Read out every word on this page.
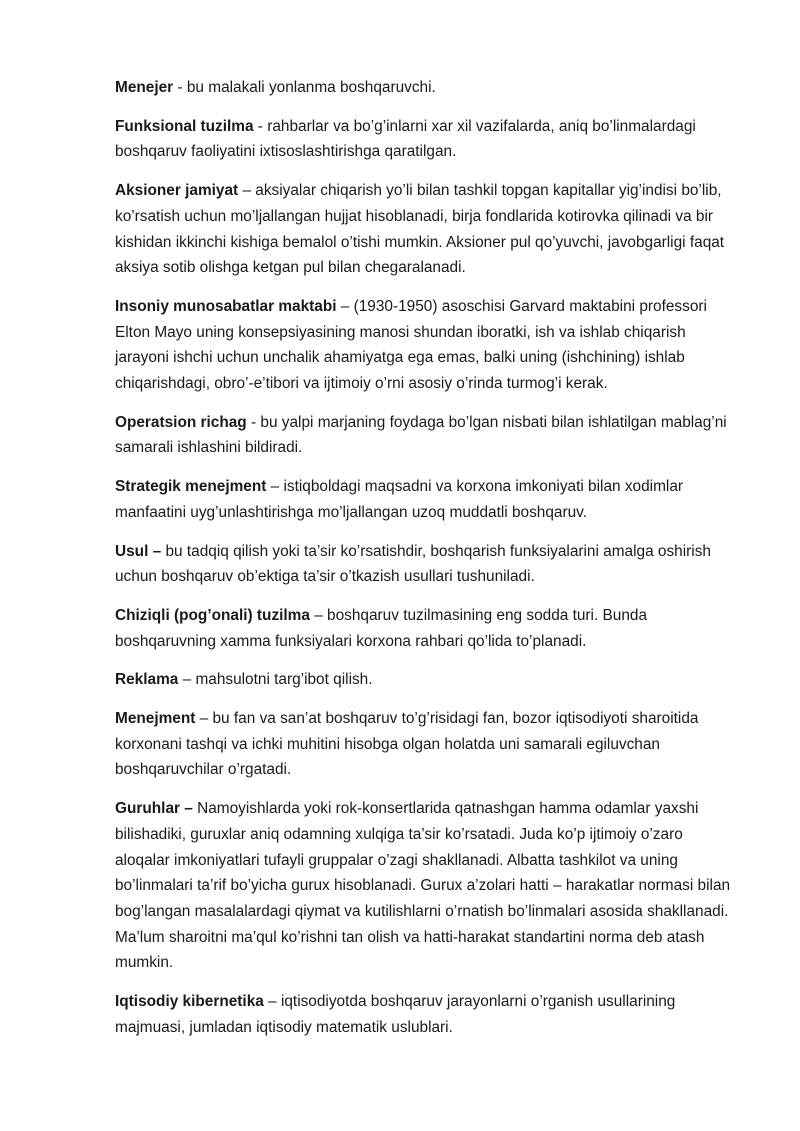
Menejer - bu malakali yonlanma boshqaruvchi.

Funksional tuzilma - rahbarlar va bo’g’inlarni xar xil vazifalarda, aniq bo’linmalardagi boshqaruv faoliyatini ixtisoslashtirishga qaratilgan.

Aksioner jamiyat – aksiyalar chiqarish yo’li bilan tashkil topgan kapitallar yig’indisi bo’lib, ko’rsatish uchun mo’ljallangan hujjat hisoblanadi, birja fondlarida kotirovka qilinadi va bir kishidan ikkinchi kishiga bemalol o’tishi mumkin. Aksioner pul qo’yuvchi, javobgarligi faqat aksiya sotib olishga ketgan pul bilan chegaralanadi.

Insoniy munosabatlar maktabi – (1930-1950) asoschisi Garvard maktabini professori Elton Mayo uning konsepsiyasining manosi shundan iboratki, ish va ishlab chiqarish jarayoni ishchi uchun unchalik ahamiyatga ega emas, balki uning (ishchining) ishlab chiqarishdagi, obro’-e’tibori va ijtimoiy o’rni asosiy o’rinda turmog’i kerak.

Operatsion richag - bu yalpi marjaning foydaga bo’lgan nisbati bilan ishlatilgan mablag’ni samarali ishlashini bildiradi.

Strategik menejment – istiqboldagi maqsadni va korxona imkoniyati bilan xodimlar manfaatini uyg’unlashtirishga mo’ljallangan uzoq muddatli boshqaruv.

Usul – bu tadqiq qilish yoki ta’sir ko’rsatishdir, boshqarish funksiyalarini amalga oshirish uchun boshqaruv ob’ektiga ta’sir o’tkazish usullari tushuniladi.

Chiziqli (pog’onali) tuzilma – boshqaruv tuzilmasining eng sodda turi. Bunda boshqaruvning xamma funksiyalari korxona rahbari qo’lida to’planadi.

Reklama – mahsulotni targ’ibot qilish.

Menejment – bu fan va san’at boshqaruv to’g’risidagi fan, bozor iqtisodiyoti sharoitida korxonani tashqi va ichki muhitini hisobga olgan holatda uni samarali egiluvchan boshqaruvchilar o’rgatadi.

Guruhlar – Namoyishlarda yoki rok-konsertlarida qatnashgan hamma odamlar yaxshi bilishadiki, guruxlar aniq odamning xulqiga ta’sir ko’rsatadi. Juda ko’p ijtimoiy o’zaro aloqalar imkoniyatlari tufayli gruppalar o’zagi shakllanadi. Albatta tashkilot va uning bo’linmalari ta’rif bo’yicha gurux hisoblanadi. Gurux a’zolari hatti – harakatlar normasi bilan bog’langan masalalardagi qiymat va kutilishlarni o’rnatish bo’linmalari asosida shakllanadi. Ma’lum sharoitni ma’qul ko’rishni tan olish va hatti-harakat standartini norma deb atash mumkin.

Iqtisodiy kibernetika – iqtisodiyotda boshqaruv jarayonlarni o’rganish usullarining majmuasi, jumladan iqtisodiy matematik uslublari.
